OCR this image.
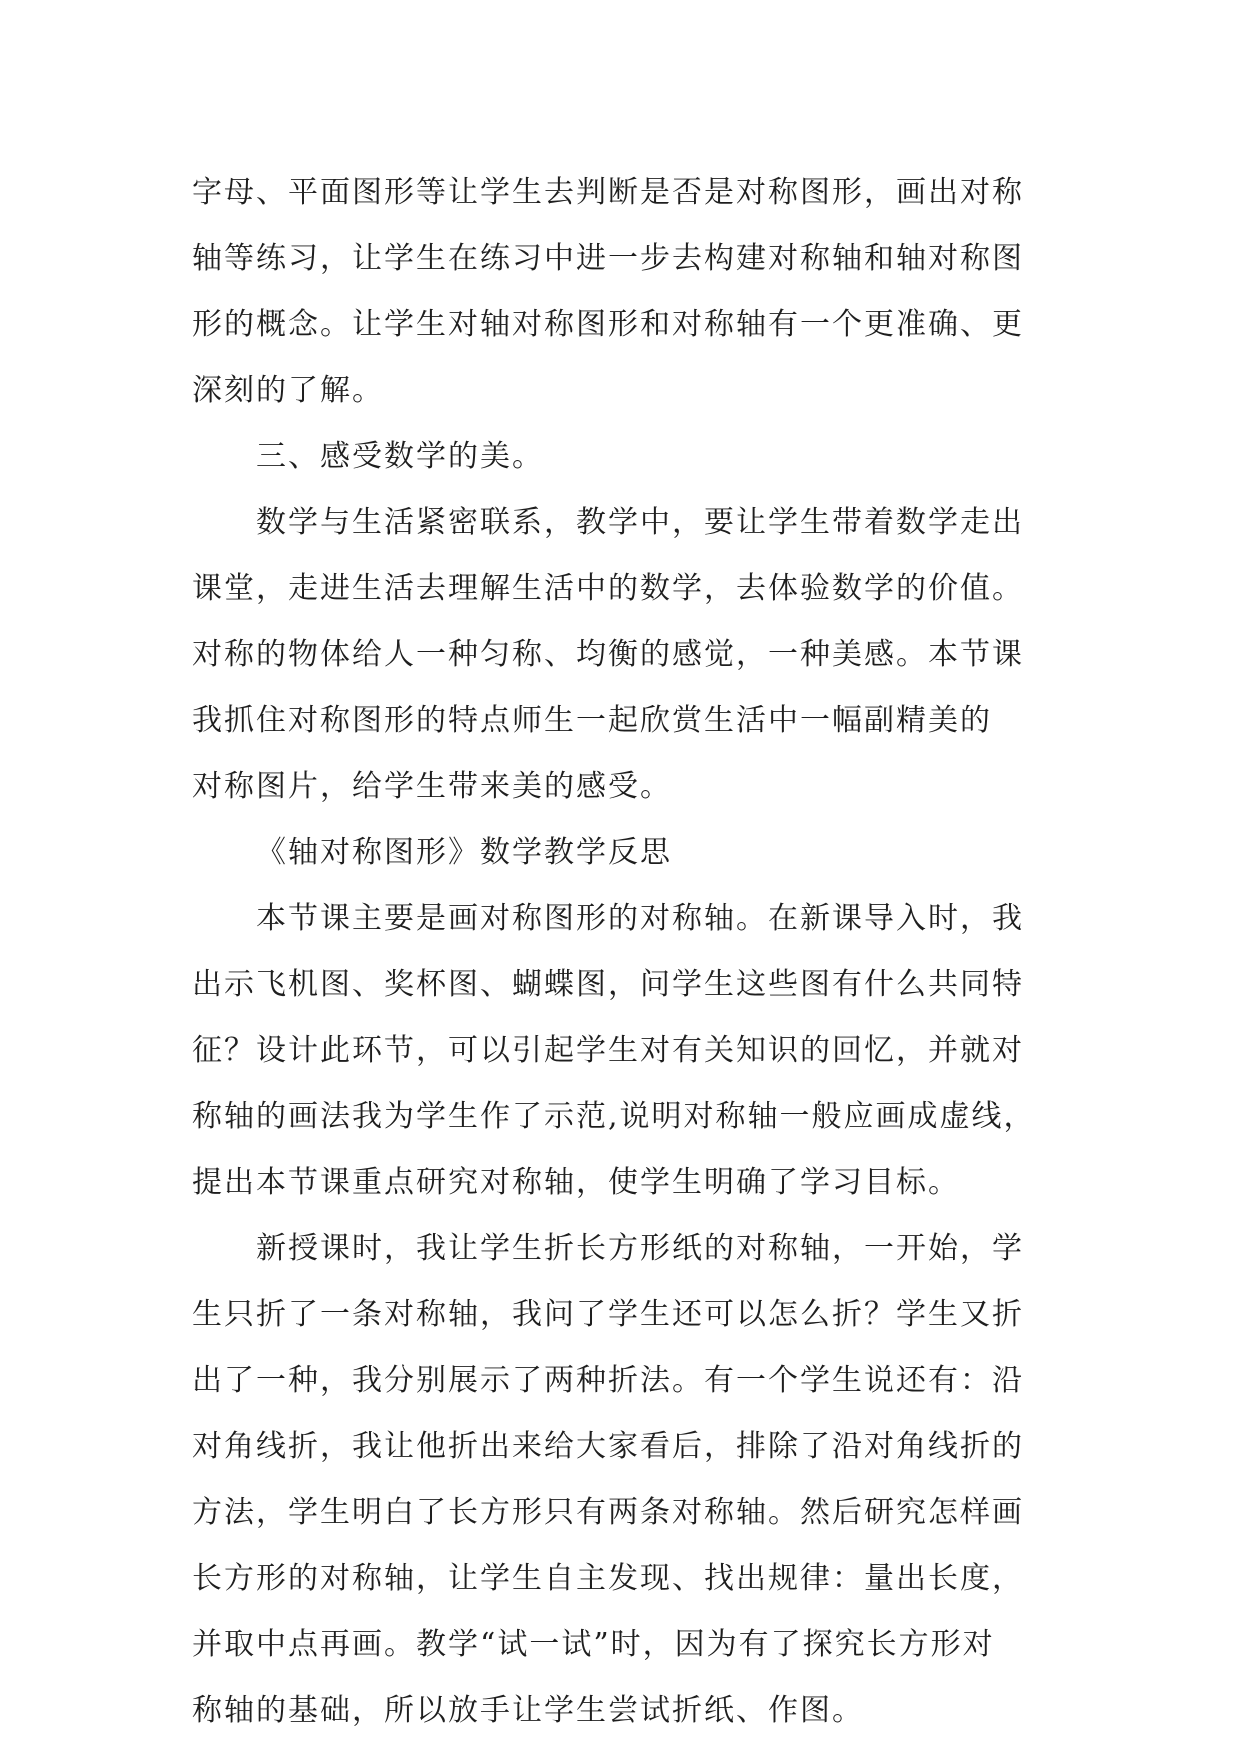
字母、平面图形等让学生去判断是否是对称图形，画出对称
轴等练习，让学生在练习中进一步去构建对称轴和轴对称图
形的概念。让学生对轴对称图形和对称轴有一个更准确、更
深刻的了解。
三、感受数学的美。
数学与生活紧密联系，教学中，要让学生带着数学走出
课堂，走进生活去理解生活中的数学，去体验数学的价值。
对称的物体给人一种匀称、均衡的感觉，一种美感。本节课
我抓住对称图形的特点师生一起欣赏生活中一幅副精美的
对称图片，给学生带来美的感受。
《轴对称图形》数学教学反思
本节课主要是画对称图形的对称轴。在新课导入时，我
出示飞机图、奖杯图、蝴蝶图，问学生这些图有什么共同特
征？设计此环节，可以引起学生对有关知识的回忆，并就对
称轴的画法我为学生作了示范,说明对称轴一般应画成虚线，
提出本节课重点研究对称轴，使学生明确了学习目标。
新授课时，我让学生折长方形纸的对称轴，一开始，学
生只折了一条对称轴，我问了学生还可以怎么折？学生又折
出了一种，我分别展示了两种折法。有一个学生说还有：沿
对角线折，我让他折出来给大家看后，排除了沿对角线折的
方法，学生明白了长方形只有两条对称轴。然后研究怎样画
长方形的对称轴，让学生自主发现、找出规律：量出长度，
并取中点再画。教学“试一试”时，因为有了探究长方形对
称轴的基础，所以放手让学生尝试折纸、作图。
